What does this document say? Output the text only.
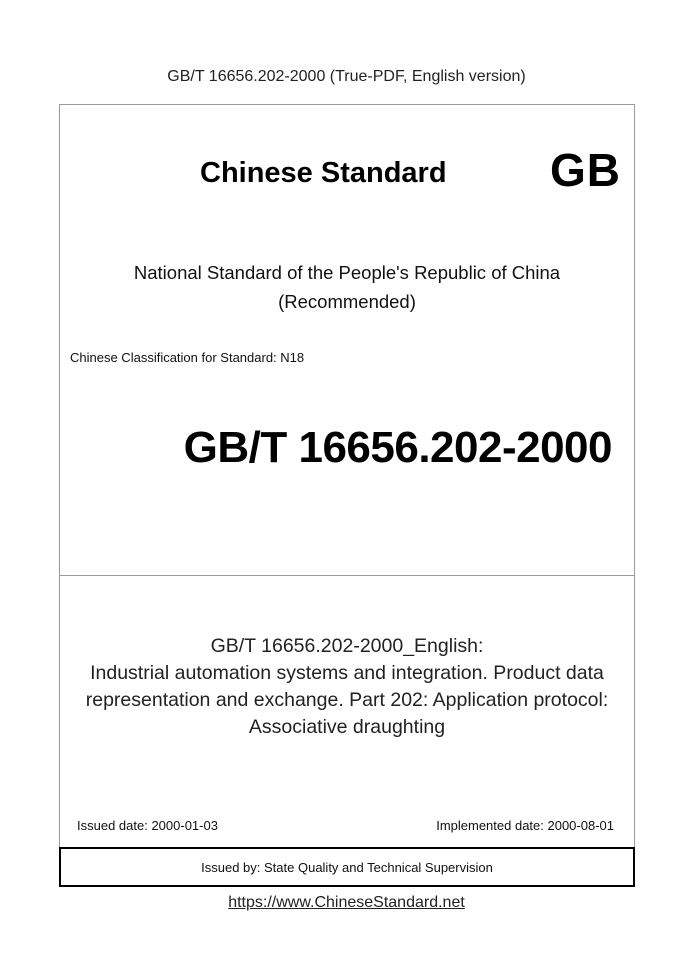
GB/T 16656.202-2000 (True-PDF, English version)
Chinese Standard GB
National Standard of the People's Republic of China
(Recommended)
Chinese Classification for Standard: N18
GB/T 16656.202-2000
GB/T 16656.202-2000_English:
Industrial automation systems and integration. Product data
representation and exchange. Part 202: Application protocol:
Associative draughting
Issued date: 2000-01-03	Implemented date: 2000-08-01
Issued by: State Quality and Technical Supervision
https://www.ChineseStandard.net
